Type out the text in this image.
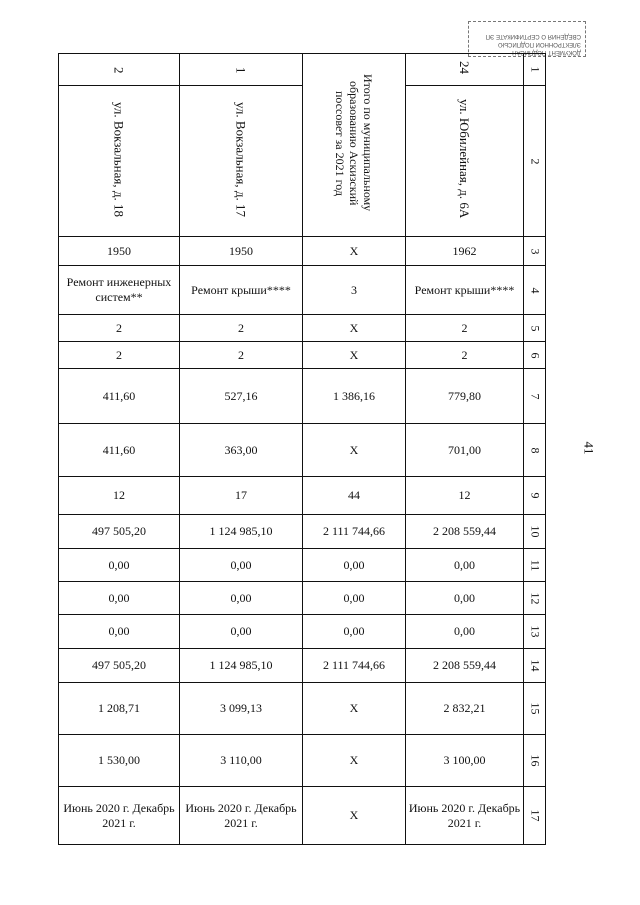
ДОКУМЕНТ ПОДПИСАН
ЭЛЕКТРОННОЙ ПОДПИСЬЮ
СВЕДЕНИЯ О СЕРТИФИКАТЕ ЭП
41
2	1	Итого по муниципальному образованию Аскизский поссовет за 2021 год	24	1
ул. Вокзальная, д. 18	ул. Вокзальная, д. 17		ул. Юбилейная, д. 6А	2
1950	1950	X	1962	3
Ремонт инженерных систем**	Ремонт крыши****	3	Ремонт крыши****	4
2	2	X	2	5
2	2	X	2	6
411,60	527,16	1 386,16	779,80	7
411,60	363,00	X	701,00	8
12	17	44	12	9
497 505,20	1 124 985,10	2 111 744,66	2 208 559,44	10
0,00	0,00	0,00	0,00	11
0,00	0,00	0,00	0,00	12
0,00	0,00	0,00	0,00	13
497 505,20	1 124 985,10	2 111 744,66	2 208 559,44	14
1 208,71	3 099,13	X	2 832,21	15
1 530,00	3 110,00	X	3 100,00	16
Июнь 2020 г. Декабрь 2021 г.	Июнь 2020 г. Декабрь 2021 г.	X	Июнь 2020 г. Декабрь 2021 г.	17
